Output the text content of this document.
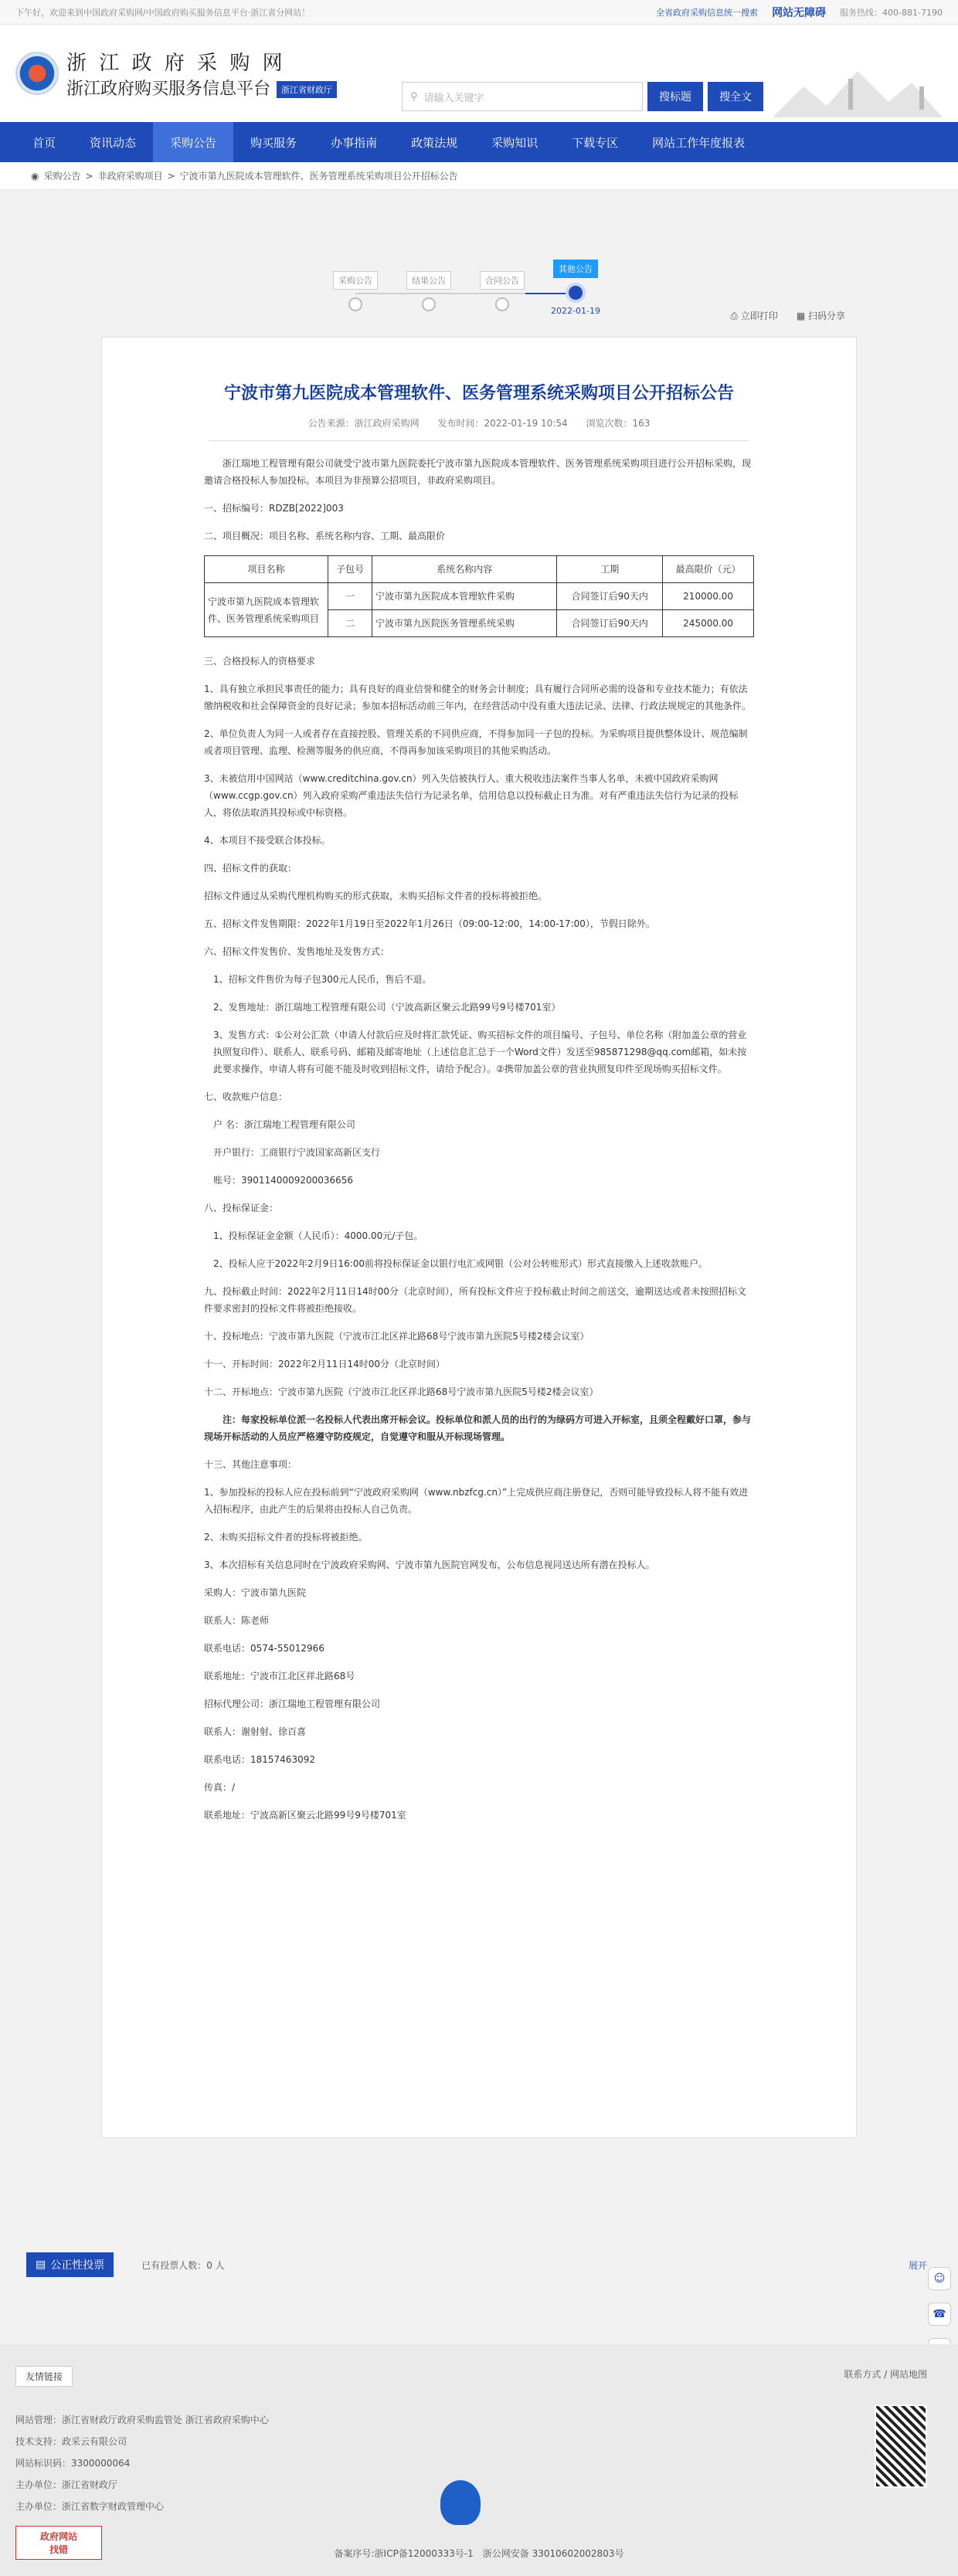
下午好，欢迎来到中国政府采购网/中国政府购买服务信息平台·浙江省分网站！	全省政府采购信息统一搜索 网站无障碍 服务热线：400-881-7190
浙 江 政 府 采 购 网
浙江政府购买服务信息平台 浙江省财政厅
⚲ 请输入关键字	搜标题	搜全文
首页	资讯动态	采购公告	购买服务	办事指南	政策法规	采购知识	下载专区	网站工作年度报表
◉ 采购公告 > 非政府采购项目 > 宁波市第九医院成本管理软件、医务管理系统采购项目公开招标公告
采购公告	结果公告	合同公告
其他公告
2022-01-19	⎙ 立即打印 ▦ 扫码分享
宁波市第九医院成本管理软件、医务管理系统采购项目公开招标公告
公告来源：浙江政府采购网 发布时间：2022-01-19 10:54 浏览次数：163

浙江瑞地工程管理有限公司就受宁波市第九医院委托宁波市第九医院成本管理软件、医务管理系统采购项目进行公开招标采购，现邀请合格投标人参加投标。本项目为非预算公招项目，非政府采购项目。

一、招标编号：RDZB[2022]003

二、项目概况：项目名称、系统名称内容、工期、最高限价

项目名称	子包号	系统名称内容	工期	最高限价（元）
宁波市第九医院成本管理软件、医务管理系统采购项目	一	宁波市第九医院成本管理软件采购	合同签订后90天内	210000.00
	二	宁波市第九医院医务管理系统采购	合同签订后90天内	245000.00

三、合格投标人的资格要求

1、具有独立承担民事责任的能力；具有良好的商业信誉和健全的财务会计制度；具有履行合同所必需的设备和专业技术能力；有依法缴纳税收和社会保障资金的良好记录；参加本招标活动前三年内，在经营活动中没有重大违法记录、法律、行政法规规定的其他条件。

2、单位负责人为同一人或者存在直接控股、管理关系的不同供应商，不得参加同一子包的投标。为采购项目提供整体设计、规范编制或者项目管理、监理、检测等服务的供应商，不得再参加该采购项目的其他采购活动。

3、未被信用中国网站（www.creditchina.gov.cn）列入失信被执行人、重大税收违法案件当事人名单，未被中国政府采购网（www.ccgp.gov.cn）列入政府采购严重违法失信行为记录名单，信用信息以投标截止日为准。对有严重违法失信行为记录的投标人，将依法取消其投标或中标资格。

4、本项目不接受联合体投标。

四、招标文件的获取：

招标文件通过从采购代理机构购买的形式获取，未购买招标文件者的投标将被拒绝。

五、招标文件发售期限：2022年1月19日至2022年1月26日（09:00-12:00，14:00-17:00），节假日除外。

六、招标文件发售价、发售地址及发售方式：

1、招标文件售价为每子包300元人民币，售后不退。

2、发售地址：浙江瑞地工程管理有限公司（宁波高新区聚云北路99号9号楼701室）

3、发售方式：①公对公汇款（申请人付款后应及时将汇款凭证、购买招标文件的项目编号、子包号、单位名称（附加盖公章的营业执照复印件）、联系人、联系号码、邮箱及邮寄地址（上述信息汇总于一个Word文件）发送至985871298@qq.com邮箱，如未按此要求操作，申请人将有可能不能及时收到招标文件，请给予配合）。②携带加盖公章的营业执照复印件至现场购买招标文件。

七、收款账户信息：

户 名：浙江瑞地工程管理有限公司

开户银行：工商银行宁波国家高新区支行

账号：3901140009200036656

八、投标保证金：

1、投标保证金金额（人民币）：4000.00元/子包。

2、投标人应于2022年2月9日16:00前将投标保证金以银行电汇或网银（公对公转账形式）形式直接缴入上述收款账户。

九、投标截止时间：2022年2月11日14时00分（北京时间），所有投标文件应于投标截止时间之前送交，逾期送达或者未按照招标文件要求密封的投标文件将被拒绝接收。

十、投标地点：宁波市第九医院（宁波市江北区祥北路68号宁波市第九医院5号楼2楼会议室）

十一、开标时间：2022年2月11日14时00分（北京时间）

十二、开标地点：宁波市第九医院（宁波市江北区祥北路68号宁波市第九医院5号楼2楼会议室）

注：每家投标单位派一名投标人代表出席开标会议。投标单位和派人员的出行的为绿码方可进入开标室，且须全程戴好口罩，参与现场开标活动的人员应严格遵守防疫规定，自觉遵守和服从开标现场管理。

十三、其他注意事项：

1、参加投标的投标人应在投标前到“宁波政府采购网（www.nbzfcg.cn）”上完成供应商注册登记，否则可能导致投标人将不能有效进入招标程序，由此产生的后果将由投标人自己负责。

2、未购买招标文件者的投标将被拒绝。

3、本次招标有关信息同时在宁波政府采购网、宁波市第九医院官网发布，公布信息视同送达所有潜在投标人。

采购人：宁波市第九医院

联系人：陈老师

联系电话：0574-55012966

联系地址：宁波市江北区祥北路68号

招标代理公司：浙江瑞地工程管理有限公司

联系人：谢射射、徐百喜

联系电话：18157463092

传真：/

联系地址：宁波高新区聚云北路99号9号楼701室

▤ 公正性投票	已有投票人数：0 人	展开
☺
☎
友情链接	联系方式 / 网站地图
网站管理：浙江省财政厅政府采购监管处 浙江省政府采购中心
技术支持：政采云有限公司
网站标识码：3300000064
主办单位：浙江省财政厅
主办单位：浙江省数字财政管理中心
政府网站
找错	备案序号:浙ICP备12000333号-1　浙公网安备 33010602002803号
